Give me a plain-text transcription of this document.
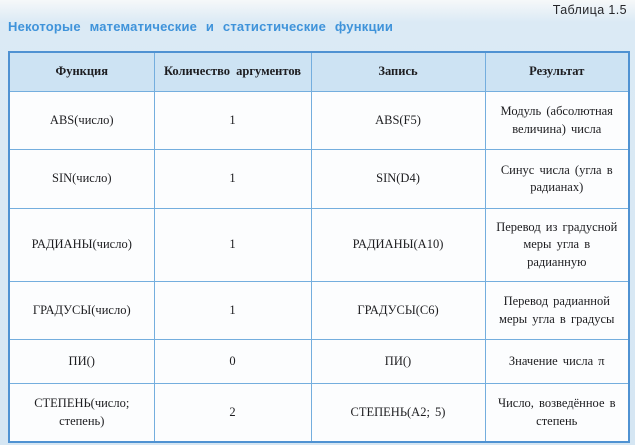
Таблица 1.5
Некоторые математические и статистические функции
Функция	Количество аргументов	Запись	Результат
ABS(число)	1	ABS(F5)	Модуль (абсолютная величина) числа
SIN(число)	1	SIN(D4)	Синус числа (угла в радианах)
РАДИАНЫ(число)	1	РАДИАНЫ(A10)	Перевод из градусной меры угла в радианную
ГРАДУСЫ(число)	1	ГРАДУСЫ(C6)	Перевод радианной меры угла в градусы
ПИ()	0	ПИ()	Значение числа π
СТЕПЕНЬ(число; степень)	2	СТЕПЕНЬ(A2; 5)	Число, возведённое в степень
